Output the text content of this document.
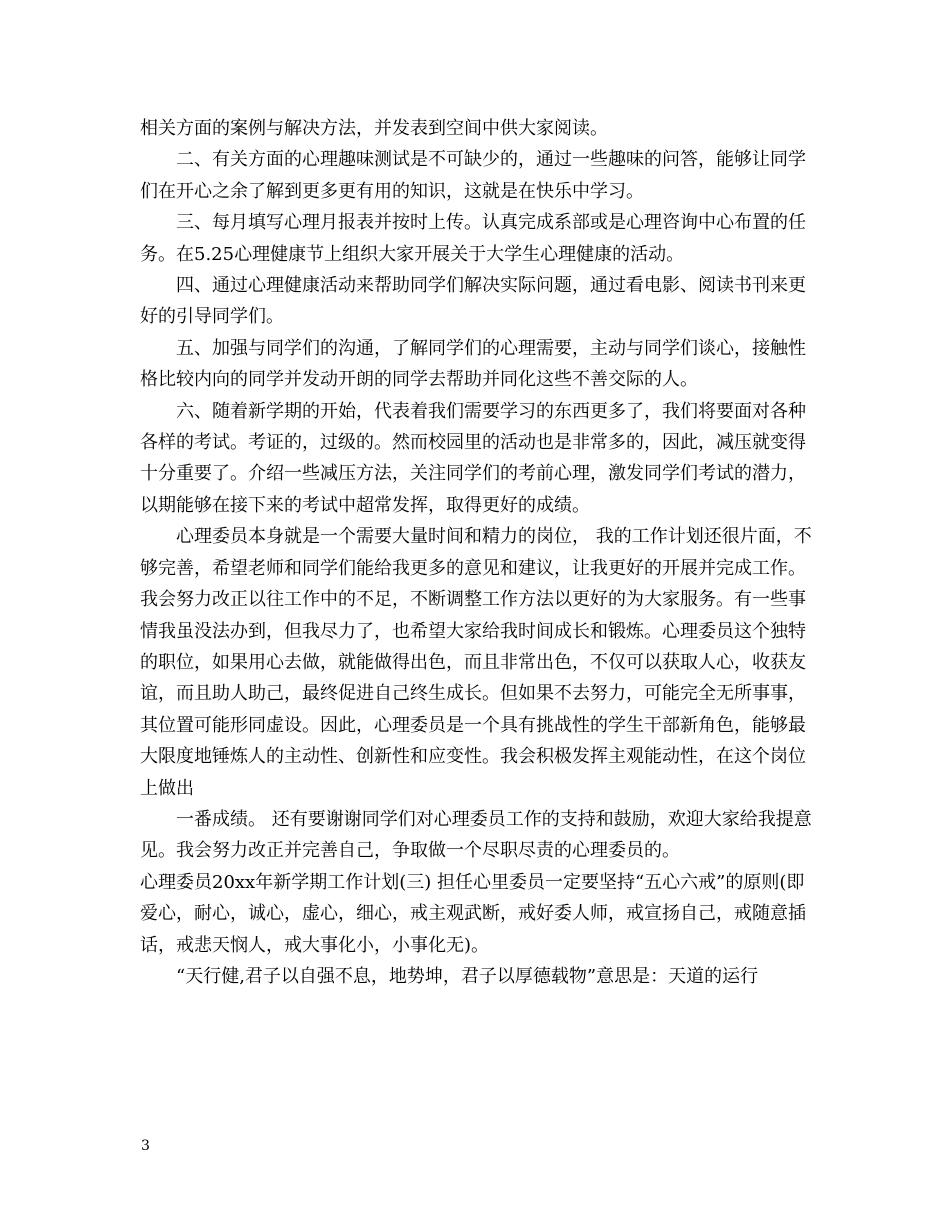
相关方面的案例与解决方法，并发表到空间中供大家阅读。

二、有关方面的心理趣味测试是不可缺少的，通过一些趣味的问答，能够让同学们在开心之余了解到更多更有用的知识，这就是在快乐中学习。

三、每月填写心理月报表并按时上传。认真完成系部或是心理咨询中心布置的任务。在5.25心理健康节上组织大家开展关于大学生心理健康的活动。

四、通过心理健康活动来帮助同学们解决实际问题，通过看电影、阅读书刊来更好的引导同学们。

五、加强与同学们的沟通，了解同学们的心理需要，主动与同学们谈心，接触性格比较内向的同学并发动开朗的同学去帮助并同化这些不善交际的人。

六、随着新学期的开始，代表着我们需要学习的东西更多了，我们将要面对各种各样的考试。考证的，过级的。然而校园里的活动也是非常多的，因此，减压就变得十分重要了。介绍一些减压方法，关注同学们的考前心理，激发同学们考试的潜力，以期能够在接下来的考试中超常发挥，取得更好的成绩。

心理委员本身就是一个需要大量时间和精力的岗位， 我的工作计划还很片面，不够完善，希望老师和同学们能给我更多的意见和建议，让我更好的开展并完成工作。我会努力改正以往工作中的不足，不断调整工作方法以更好的为大家服务。有一些事情我虽没法办到，但我尽力了，也希望大家给我时间成长和锻炼。心理委员这个独特的职位，如果用心去做，就能做得出色，而且非常出色，不仅可以获取人心，收获友谊，而且助人助己，最终促进自己终生成长。但如果不去努力，可能完全无所事事，其位置可能形同虚设。因此，心理委员是一个具有挑战性的学生干部新角色，能够最大限度地锤炼人的主动性、创新性和应变性。我会积极发挥主观能动性，在这个岗位上做出

一番成绩。 还有要谢谢同学们对心理委员工作的支持和鼓励，欢迎大家给我提意见。我会努力改正并完善自己，争取做一个尽职尽责的心理委员的。

心理委员20xx年新学期工作计划(三) 担任心里委员一定要坚持“五心六戒”的原则(即爱心，耐心，诚心，虚心，细心，戒主观武断，戒好委人师，戒宣扬自己，戒随意插话，戒悲天悯人，戒大事化小，小事化无)。

“天行健,君子以自强不息，地势坤，君子以厚德载物”意思是：天道的运行

3
